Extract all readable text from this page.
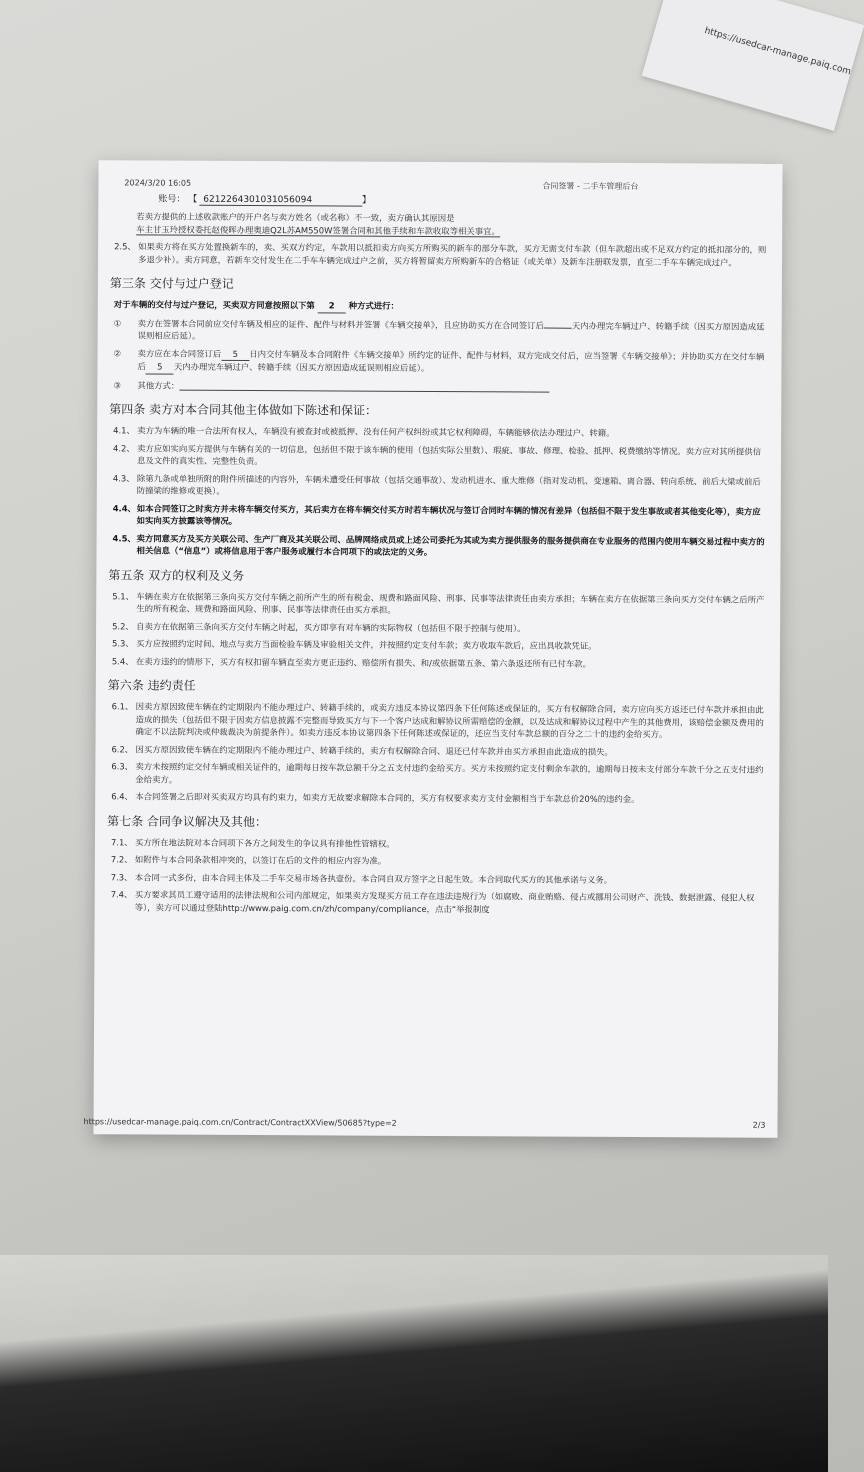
https://usedcar-manage.paiq.com
2024/3/20 16:05	合同签署 - 二手车管理后台
账号： 【 6212264301031056094	】
若卖方提供的上述收款账户的开户名与卖方姓名（或名称）不一致，卖方确认其原因是
车主甘玉玲授权委托赵俊晖办理奥迪Q2L苏AM550W签署合同和其他手续和车款收取等相关事宜。
2.5、 如果卖方将在买方处置换新车的，卖、买双方约定，车款用以抵扣卖方向买方所购买的新车的部分车款，买方无需支付车款（但车款超出或不足双方约定的抵扣部分的，则多退少补）。卖方同意，若新车交付发生在二手车车辆完成过户之前，买方将暂留卖方所购新车的合格证（或关单）及新车注册联发票，直至二手车车辆完成过户。
第三条 交付与过户登记
对于车辆的交付与过户登记，买卖双方同意按照以下第 2 种方式进行：
①	卖方在签署本合同前应交付车辆及相应的证件、配件与材料并签署《车辆交接单》，且应协助买方在合同签订后	天内办理完车辆过户、转籍手续（因买方原因造成延误则相应后延）。
②	卖方应在本合同签订后 5 日内交付车辆及本合同附件《车辆交接单》所约定的证件、配件与材料，双方完成交付后，应当签署《车辆交接单》；并协助买方在交付车辆后 5 天内办理完车辆过户、转籍手续（因买方原因造成延误则相应后延）。
③	其他方式：
第四条 卖方对本合同其他主体做如下陈述和保证：
4.1、 卖方为车辆的唯一合法所有权人，车辆没有被查封或被抵押、没有任何产权纠纷或其它权利障碍，车辆能够依法办理过户、转籍。
4.2、 卖方应如实向买方提供与车辆有关的一切信息，包括但不限于该车辆的使用（包括实际公里数）、瑕疵、事故、修理、检验、抵押、税费缴纳等情况。卖方应对其所提供信息及文件的真实性、完整性负责。
4.3、 除第九条或单独所附的附件所描述的内容外，车辆未遭受任何事故（包括交通事故）、发动机进水、重大维修（指对发动机、变速箱、离合器、转向系统、前后大梁或前后防撞梁的维修或更换）。
4.4、 如本合同签订之时卖方并未将车辆交付买方，其后卖方在将车辆交付买方时若车辆状况与签订合同时车辆的情况有差异（包括但不限于发生事故或者其他变化等），卖方应如实向买方披露该等情况。
4.5、 卖方同意买方及买方关联公司、生产厂商及其关联公司、品牌网络成员或上述公司委托为其或为卖方提供服务的服务提供商在专业服务的范围内使用车辆交易过程中卖方的相关信息（“信息”）或将信息用于客户服务或履行本合同项下的或法定的义务。
第五条 双方的权利及义务
5.1、 车辆在卖方在依据第三条向买方交付车辆之前所产生的所有税金、规费和路面风险、刑事、民事等法律责任由卖方承担；车辆在卖方在依据第三条向买方交付车辆之后所产生的所有税金、规费和路面风险、刑事、民事等法律责任由买方承担。
5.2、 自卖方在依据第三条向买方交付车辆之时起，买方即享有对车辆的实际物权（包括但不限于控制与使用）。
5.3、 买方应按照约定时间、地点与卖方当面检验车辆及审验相关文件，并按照约定支付车款；卖方收取车款后，应出具收款凭证。
5.4、 在卖方违约的情形下，买方有权扣留车辆直至卖方更正违约、赔偿所有损失、和/或依据第五条、第六条返还所有已付车款。
第六条 违约责任
6.1、 因卖方原因致使车辆在约定期限内不能办理过户、转籍手续的，或卖方违反本协议第四条下任何陈述或保证的，买方有权解除合同，卖方应向买方返还已付车款并承担由此造成的损失（包括但不限于因卖方信息披露不完整而导致买方与下一个客户达成和解协议所需赔偿的金额，以及达成和解协议过程中产生的其他费用，该赔偿金额及费用的确定不以法院判决或仲裁裁决为前提条件）。如卖方违反本协议第四条下任何陈述或保证的，还应当支付车款总额的百分之二十的违约金给买方。
6.2、 因买方原因致使车辆在约定期限内不能办理过户、转籍手续的，卖方有权解除合同、退还已付车款并由买方承担由此造成的损失。
6.3、 卖方未按照约定交付车辆或相关证件的，逾期每日按车款总额千分之五支付违约金给买方。买方未按照约定支付剩余车款的，逾期每日按未支付部分车款千分之五支付违约金给卖方。
6.4、 本合同签署之后即对买卖双方均具有约束力，如卖方无故要求解除本合同的，买方有权要求卖方支付金额相当于车款总价20%的违约金。
第七条 合同争议解决及其他：
7.1、 买方所在地法院对本合同项下各方之间发生的争议具有排他性管辖权。
7.2、 如附件与本合同条款相冲突的，以签订在后的文件的相应内容为准。
7.3、 本合同一式多份，由本合同主体及二手车交易市场各执壹份。本合同自双方签字之日起生效。本合同取代买方的其他承诺与义务。
7.4、 买方要求其员工遵守适用的法律法规和公司内部规定，如果卖方发现买方员工存在违法违规行为（如腐败、商业贿赂、侵占或挪用公司财产、洗钱、数据泄露、侵犯人权等），卖方可以通过登陆http://www.paig.com.cn/zh/company/compliance，点击“举报制度
https://usedcar-manage.paiq.com.cn/Contract/ContractXXView/50685?type=2	2/3
